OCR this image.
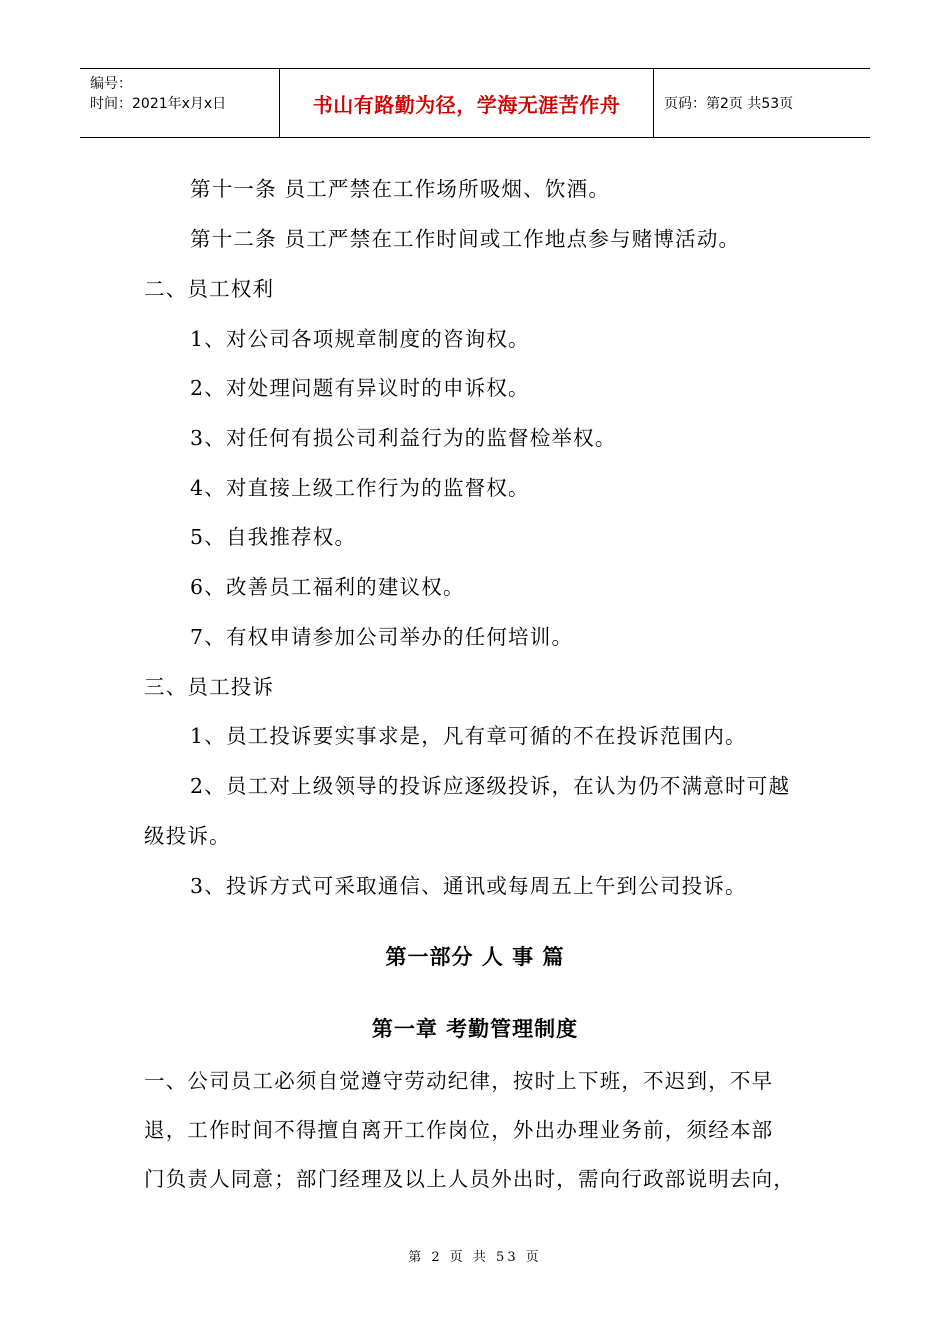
编号：
时间：2021年x月x日	书山有路勤为径，学海无涯苦作舟	页码：第2页 共53页
第十一条 员工严禁在工作场所吸烟、饮酒。
第十二条 员工严禁在工作时间或工作地点参与赌博活动。
二、员工权利
1、对公司各项规章制度的咨询权。
2、对处理问题有异议时的申诉权。
3、对任何有损公司利益行为的监督检举权。
4、对直接上级工作行为的监督权。
5、自我推荐权。
6、改善员工福利的建议权。
7、有权申请参加公司举办的任何培训。
三、员工投诉
1、员工投诉要实事求是，凡有章可循的不在投诉范围内。
2、员工对上级领导的投诉应逐级投诉，在认为仍不满意时可越
级投诉。
3、投诉方式可采取通信、通讯或每周五上午到公司投诉。
第一部分 人 事 篇
第一章 考勤管理制度
一、公司员工必须自觉遵守劳动纪律，按时上下班，不迟到，不早
退，工作时间不得擅自离开工作岗位，外出办理业务前，须经本部
门负责人同意；部门经理及以上人员外出时，需向行政部说明去向，
第 2 页 共 53 页
